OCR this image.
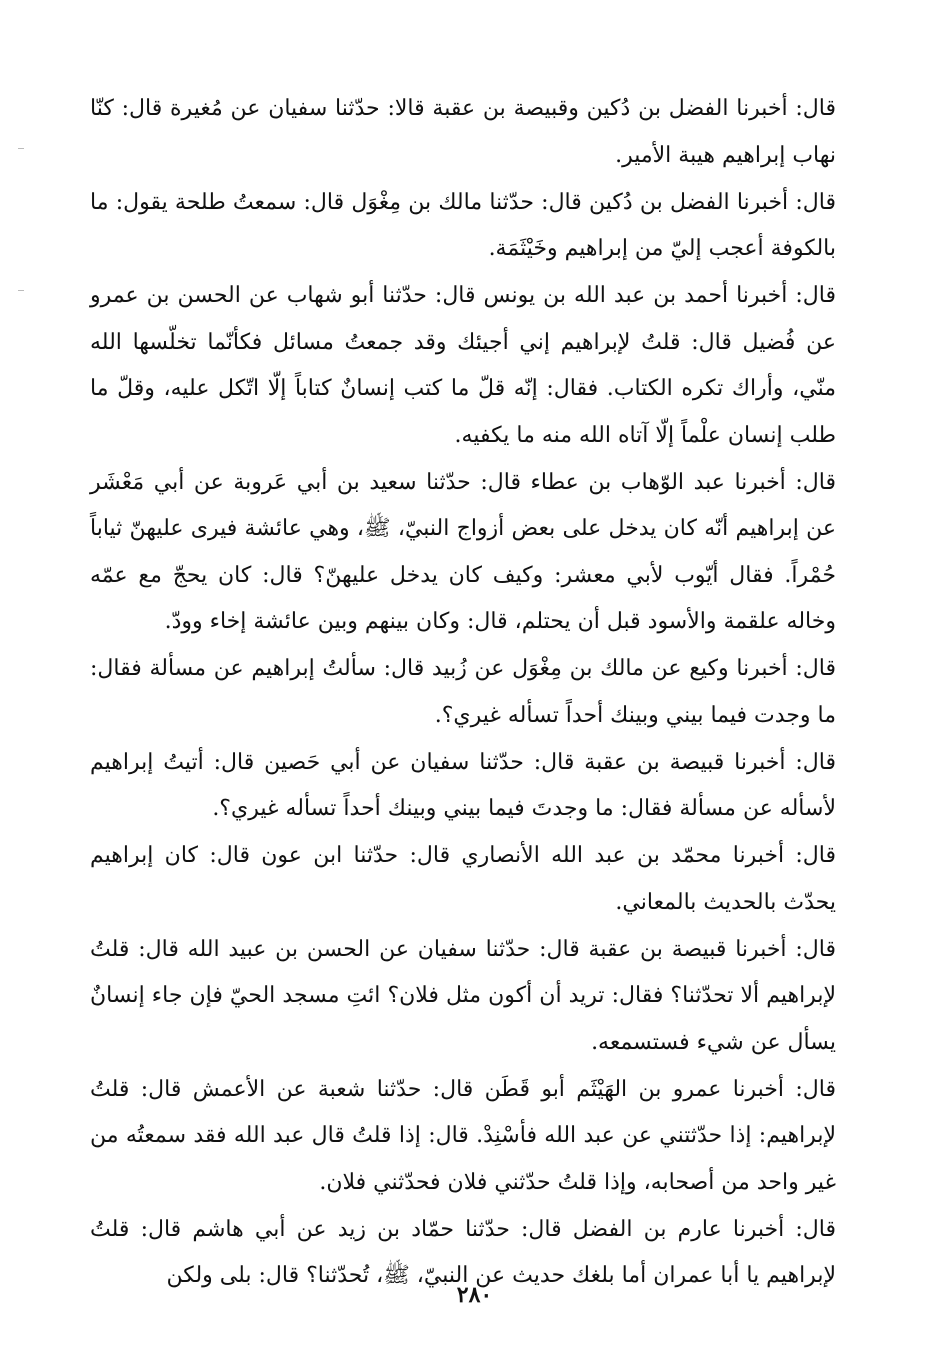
قال: أخبرنا الفضل بن دُكين وقبيصة بن عقبة قالا: حدّثنا سفيان عن مُغيرة قال: كنّا نهاب إبراهيم هيبة الأمير.

قال: أخبرنا الفضل بن دُكين قال: حدّثنا مالك بن مِغْوَل قال: سمعتُ طلحة يقول: ما بالكوفة أعجب إليّ من إبراهيم وخَيْثَمَة.

قال: أخبرنا أحمد بن عبد الله بن يونس قال: حدّثنا أبو شهاب عن الحسن بن عمرو عن فُضيل قال: قلتُ لإبراهيم إني أجيئك وقد جمعتُ مسائل فكأنّما تخلّسها الله منّي، وأراك تكره الكتاب. فقال: إنّه قلّ ما كتب إنسانٌ كتاباً إلّا اتّكل عليه، وقلّ ما طلب إنسان علْماً إلّا آتاه الله منه ما يكفيه.

قال: أخبرنا عبد الوّهاب بن عطاء قال: حدّثنا سعيد بن أبي عَروبة عن أبي مَعْشَر عن إبراهيم أنّه كان يدخل على بعض أزواج النبيّ، ﷺ، وهي عائشة فيرى عليهنّ ثياباً حُمْراً. فقال أيّوب لأبي معشر: وكيف كان يدخل عليهنّ؟ قال: كان يحجّ مع عمّه وخاله علقمة والأسود قبل أن يحتلم، قال: وكان بينهم وبين عائشة إخاء وودّ.

قال: أخبرنا وكيع عن مالك بن مِغْوَل عن زُبيد قال: سألتُ إبراهيم عن مسألة فقال: ما وجدت فيما بيني وبينك أحداً تسأله غيري؟.

قال: أخبرنا قبيصة بن عقبة قال: حدّثنا سفيان عن أبي حَصين قال: أتيتُ إبراهيم لأسأله عن مسألة فقال: ما وجدتَ فيما بيني وبينك أحداً تسأله غيري؟.

قال: أخبرنا محمّد بن عبد الله الأنصاري قال: حدّثنا ابن عون قال: كان إبراهيم يحدّث بالحديث بالمعاني.

قال: أخبرنا قبيصة بن عقبة قال: حدّثنا سفيان عن الحسن بن عبيد الله قال: قلتُ لإبراهيم ألا تحدّثنا؟ فقال: تريد أن أكون مثل فلان؟ ائتِ مسجد الحيّ فإن جاء إنسانٌ يسأل عن شيء فستسمعه.

قال: أخبرنا عمرو بن الهَيْثَم أبو قَطَن قال: حدّثنا شعبة عن الأعمش قال: قلتُ لإبراهيم: إذا حدّثتني عن عبد الله فأسْنِدْ. قال: إذا قلتُ قال عبد الله فقد سمعتُه من غير واحد من أصحابه، وإذا قلتُ حدّثني فلان فحدّثني فلان.

قال: أخبرنا عارم بن الفضل قال: حدّثنا حمّاد بن زيد عن أبي هاشم قال: قلتُ لإبراهيم يا أبا عمران أما بلغك حديث عن النبيّ، ﷺ، تُحدّثنا؟ قال: بلى ولكن

٢٨٠
